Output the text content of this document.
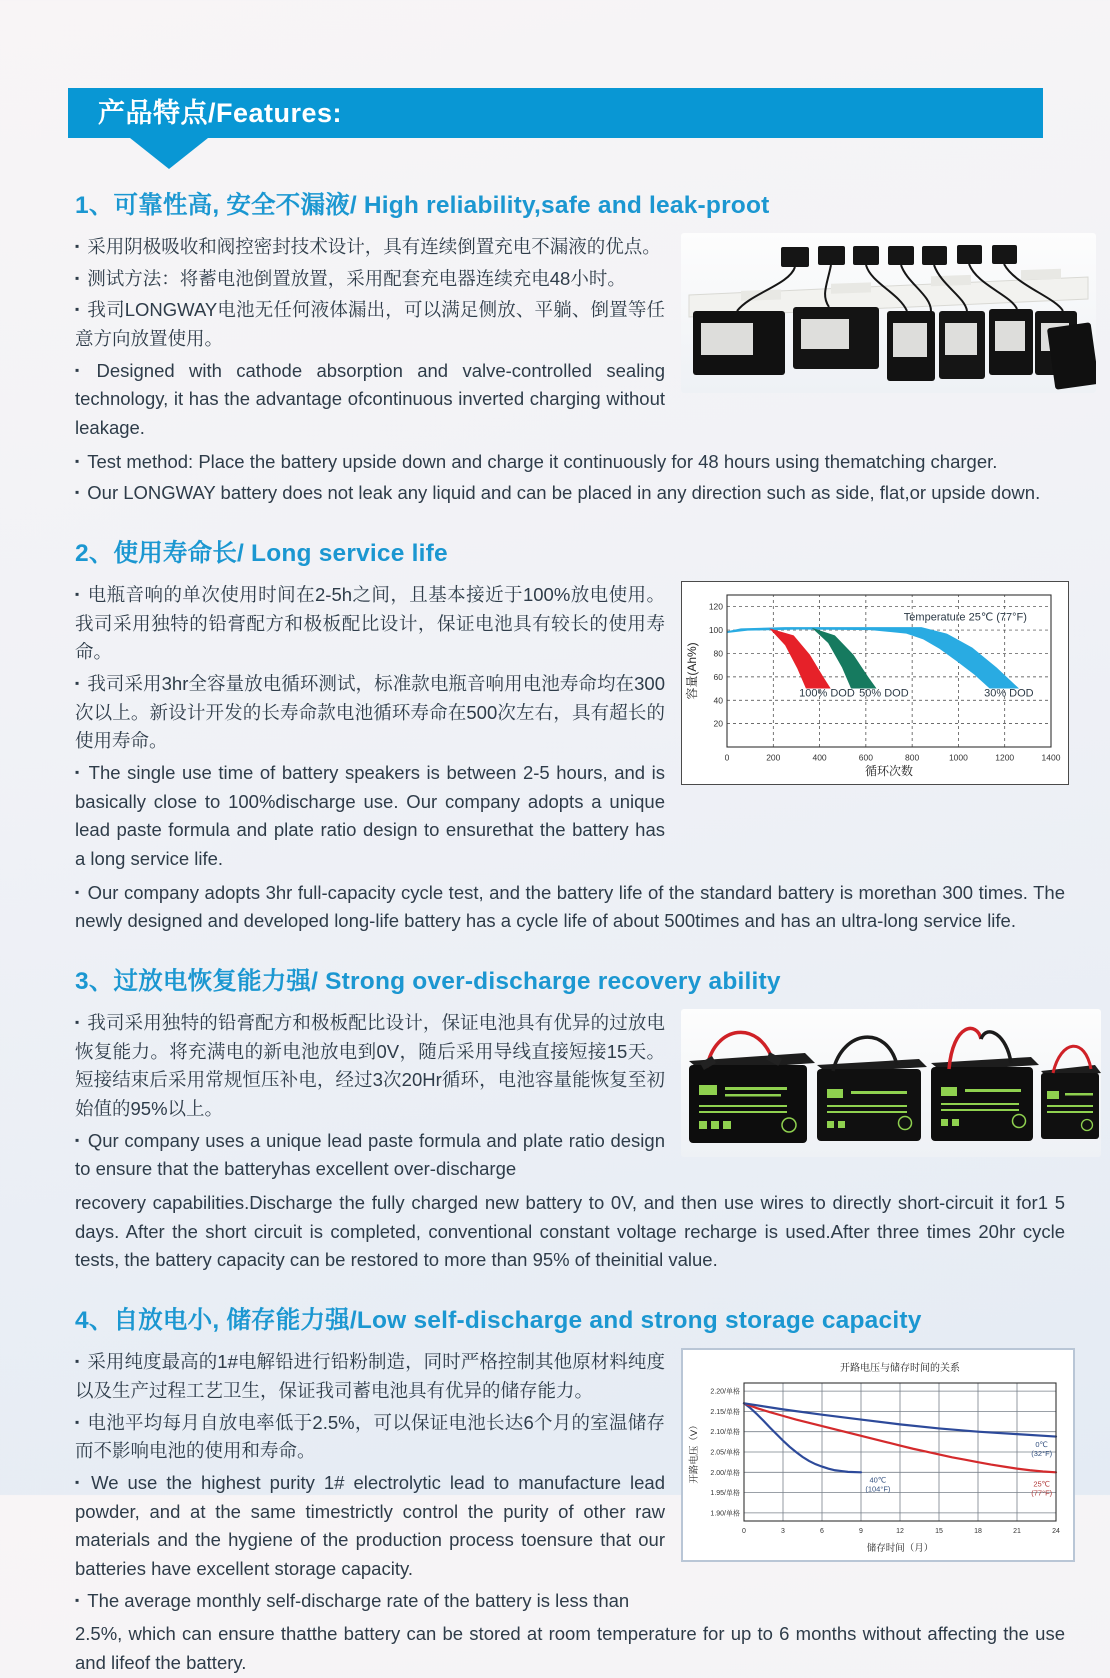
产品特点/Features:
1、可靠性高, 安全不漏液/ High reliability,safe and leak-proot

▪ 采用阴极吸收和阀控密封技术设计，具有连续倒置充电不漏液的优点。

▪ 测试方法：将蓄电池倒置放置，采用配套充电器连续充电48小时。

▪ 我司LONGWAY电池无任何液体漏出，可以满足侧放、平躺、倒置等任意方向放置使用。

▪ Designed with cathode absorption and valve-controlled sealing technology, it has the advantage ofcontinuous inverted charging without leakage.

▪ Test method: Place the battery upside down and charge it continuously for 48 hours using thematching charger.

▪ Our LONGWAY battery does not leak any liquid and can be placed in any direction such as side, flat,or upside down.

2、使用寿命长/ Long service life

▪ 电瓶音响的单次使用时间在2-5h之间，且基本接近于100%放电使用。我司采用独特的铅膏配方和极板配比设计，保证电池具有较长的使用寿命。

▪ 我司采用3hr全容量放电循环测试，标准款电瓶音响用电池寿命均在300次以上。新设计开发的长寿命款电池循环寿命在500次左右，具有超长的使用寿命。

▪ The single use time of battery speakers is between 2-5 hours, and is basically close to 100%discharge use. Our company adopts a unique lead paste formula and plate ratio design to ensurethat the battery has a long service life.

0	200	400	600	800	1000	1200	1400
20
40
60
80
100
120
Temperature 25℃ (77°F)
100% DOD 50% DOD	30% DOD
循环次数
容量(Ah%)

▪ Our company adopts 3hr full-capacity cycle test, and the battery life of the standard battery is morethan 300 times. The newly designed and developed long-life battery has a cycle life of about 500times and has an ultra-long service life.

3、过放电恢复能力强/ Strong over-discharge recovery ability

▪ 我司采用独特的铅膏配方和极板配比设计，保证电池具有优异的过放电恢复能力。将充满电的新电池放电到0V，随后采用导线直接短接15天。短接结束后采用常规恒压补电，经过3次20Hr循环，电池容量能恢复至初始值的95%以上。

▪ Qur company uses a unique lead paste formula and plate ratio design to ensure that the batteryhas excellent over-discharge

recovery capabilities.Discharge the fully charged new battery to 0V, and then use wires to directly short-circuit it for1 5 days. After the short circuit is completed, conventional constant voltage recharge is used.After three times 20hr cycle tests, the battery capacity can be restored to more than 95% of theinitial value.

4、自放电小, 储存能力强/Low self-discharge and strong storage capacity

▪ 采用纯度最高的1#电解铅进行铅粉制造，同时严格控制其他原材料纯度以及生产过程工艺卫生，保证我司蓄电池具有优异的储存能力。

▪ 电池平均每月自放电率低于2.5%，可以保证电池长达6个月的室温储存而不影响电池的使用和寿命。

▪ We use the highest purity 1# electrolytic lead to manufacture lead powder, and at the same timestrictly control the purity of other raw materials and the hygiene of the production process toensure that our batteries have excellent storage capacity.

▪ The average monthly self-discharge rate of the battery is less than

0	3	6	9	12	15	18	21	24
1.90/单格
1.95/单格
2.00/单格
2.05/单格
2.10/单格
2.15/单格
2.20/单格
40℃ (104°F)
25℃ (77°F)
0℃ (32°F)
开路电压与储存时间的关系
储存时间（月）
开路电压（V）

2.5%, which can ensure thatthe battery can be stored at room temperature for up to 6 months without affecting the use and lifeof the battery.
